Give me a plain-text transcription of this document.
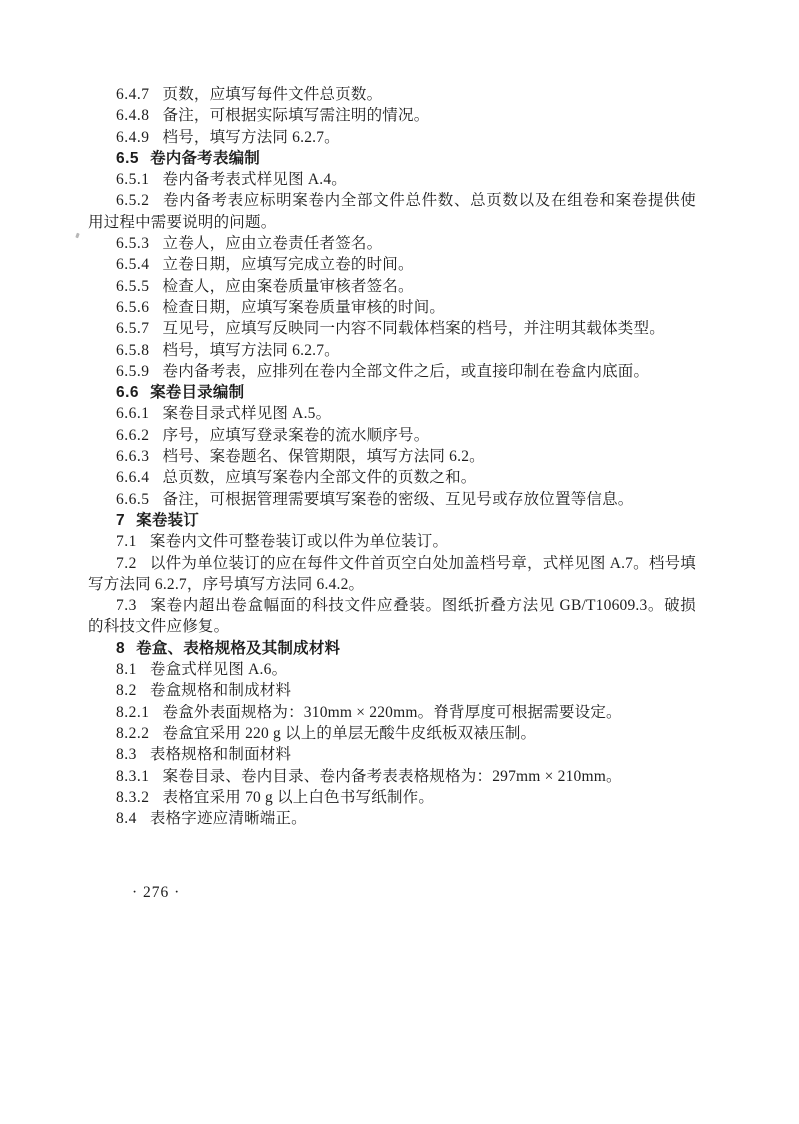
6.4.7 页数，应填写每件文件总页数。

6.4.8 备注，可根据实际填写需注明的情况。

6.4.9 档号，填写方法同 6.2.7。

6.5 卷内备考表编制

6.5.1 卷内备考表式样见图 A.4。

6.5.2 卷内备考表应标明案卷内全部文件总件数、总页数以及在组卷和案卷提供使用过程中需要说明的问题。

6.5.3 立卷人，应由立卷责任者签名。

6.5.4 立卷日期，应填写完成立卷的时间。

6.5.5 检查人，应由案卷质量审核者签名。

6.5.6 检查日期，应填写案卷质量审核的时间。

6.5.7 互见号，应填写反映同一内容不同载体档案的档号，并注明其载体类型。

6.5.8 档号，填写方法同 6.2.7。

6.5.9 卷内备考表，应排列在卷内全部文件之后，或直接印制在卷盒内底面。

6.6 案卷目录编制

6.6.1 案卷目录式样见图 A.5。

6.6.2 序号，应填写登录案卷的流水顺序号。

6.6.3 档号、案卷题名、保管期限，填写方法同 6.2。

6.6.4 总页数，应填写案卷内全部文件的页数之和。

6.6.5 备注，可根据管理需要填写案卷的密级、互见号或存放位置等信息。

7 案卷装订

7.1 案卷内文件可整卷装订或以件为单位装订。

7.2 以件为单位装订的应在每件文件首页空白处加盖档号章，式样见图 A.7。档号填写方法同 6.2.7，序号填写方法同 6.4.2。

7.3 案卷内超出卷盒幅面的科技文件应叠装。图纸折叠方法见 GB/T10609.3。破损的科技文件应修复。

8 卷盒、表格规格及其制成材料

8.1 卷盒式样见图 A.6。

8.2 卷盒规格和制成材料

8.2.1 卷盒外表面规格为：310mm × 220mm。脊背厚度可根据需要设定。

8.2.2 卷盒宜采用 220 g 以上的单层无酸牛皮纸板双裱压制。

8.3 表格规格和制面材料

8.3.1 案卷目录、卷内目录、卷内备考表表格规格为：297mm × 210mm。

8.3.2 表格宜采用 70 g 以上白色书写纸制作。

8.4 表格字迹应清晰端正。

· 276 ·
